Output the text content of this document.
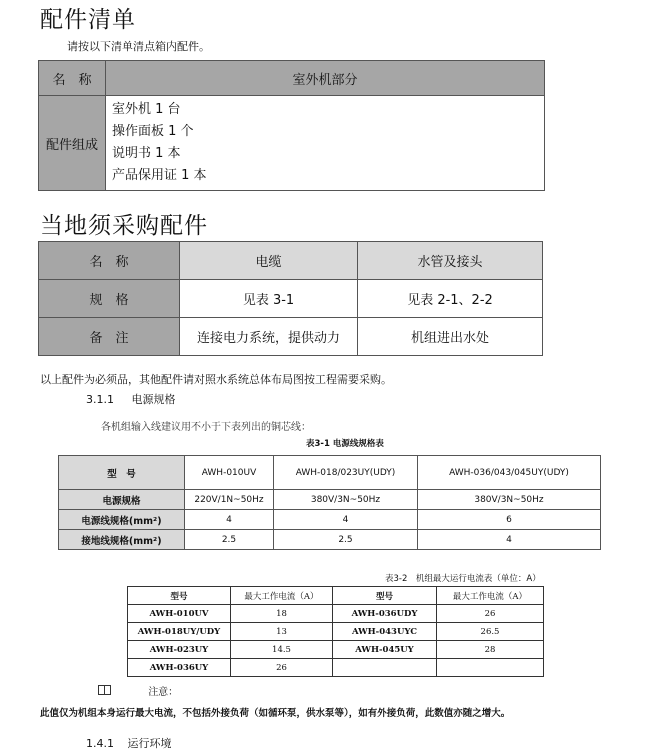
配件清单
请按以下清单清点箱内配件。
名　称	室外机部分
配件组成	室外机 1 台
操作面板 1 个
说明书 1 本
产品保用证 1 本
当地须采购配件
名　称	电缆	水管及接头
规　格	见表 3-1	见表 2-1、2-2
备　注	连接电力系统，提供动力	机组进出水处
以上配件为必须品，其他配件请对照水系统总体布局图按工程需要采购。
3.1.1 电源规格
各机组输入线建议用不小于下表列出的铜芯线：
表3-1 电源线规格表
型　号	AWH-010UV	AWH-018/023UY(UDY)	AWH-036/043/045UY(UDY)
电源规格	220V/1N~50Hz	380V/3N~50Hz	380V/3N~50Hz
电源线规格(mm²)	4	4	6
接地线规格(mm²)	2.5	2.5	4
表3-2　机组最大运行电流表（单位：A）
型号	最大工作电流（A）	型号	最大工作电流（A）
AWH-010UV	18	AWH-036UDY	26
AWH-018UY/UDY	13	AWH-043UYC	26.5
AWH-023UY	14.5	AWH-045UY	28
AWH-036UY	26		
注意：
此值仅为机组本身运行最大电流，不包括外接负荷（如循环泵，供水泵等），如有外接负荷，此数值亦随之增大。
1.4.1 运行环境
